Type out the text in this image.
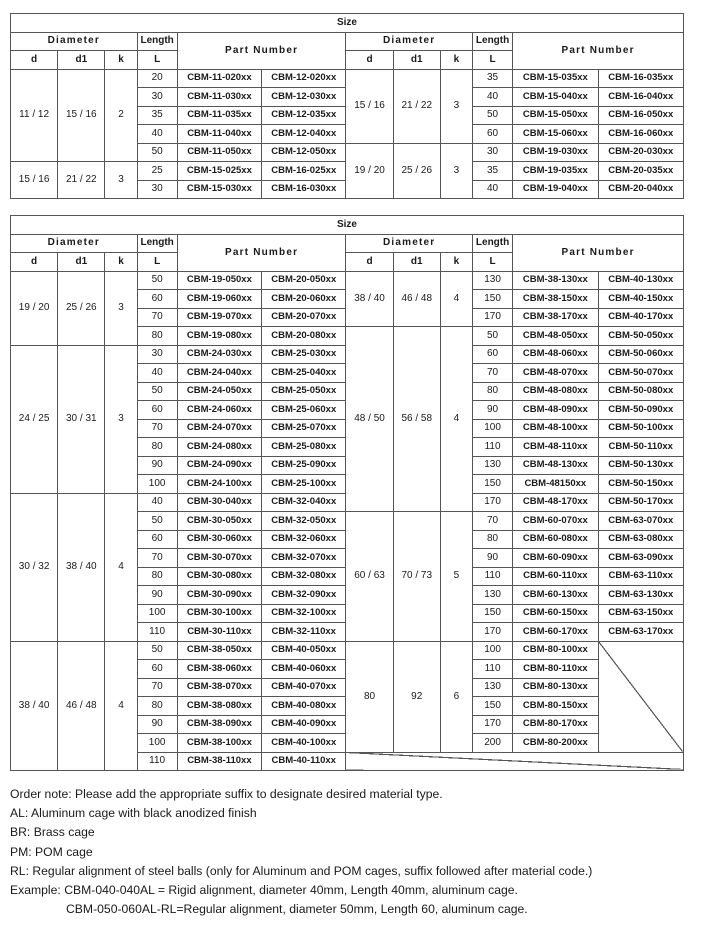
Size											
Diameter			Length	Part Number		Diameter			Length	Part Number	
d	d1	k	L			d	d1	k	L		
11 / 12	15 / 16	2	20	CBM-11-020xx	CBM-12-020xx	15 / 16	21 / 22	3	35	CBM-15-035xx	CBM-16-035xx
			30	CBM-11-030xx	CBM-12-030xx				40	CBM-15-040xx	CBM-16-040xx
			35	CBM-11-035xx	CBM-12-035xx				50	CBM-15-050xx	CBM-16-050xx
			40	CBM-11-040xx	CBM-12-040xx				60	CBM-15-060xx	CBM-16-060xx
			50	CBM-11-050xx	CBM-12-050xx	19 / 20	25 / 26	3	30	CBM-19-030xx	CBM-20-030xx
15 / 16	21 / 22	3	25	CBM-15-025xx	CBM-16-025xx				35	CBM-19-035xx	CBM-20-035xx
			30	CBM-15-030xx	CBM-16-030xx				40	CBM-19-040xx	CBM-20-040xx
Size											
Diameter			Length	Part Number		Diameter			Length	Part Number	
d	d1	k	L			d	d1	k	L		
19 / 20	25 / 26	3	50	CBM-19-050xx	CBM-20-050xx	38 / 40	46 / 48	4	130	CBM-38-130xx	CBM-40-130xx
			60	CBM-19-060xx	CBM-20-060xx				150	CBM-38-150xx	CBM-40-150xx
			70	CBM-19-070xx	CBM-20-070xx				170	CBM-38-170xx	CBM-40-170xx
			80	CBM-19-080xx	CBM-20-080xx	48 / 50	56 / 58	4	50	CBM-48-050xx	CBM-50-050xx
24 / 25	30 / 31	3	30	CBM-24-030xx	CBM-25-030xx				60	CBM-48-060xx	CBM-50-060xx
			40	CBM-24-040xx	CBM-25-040xx				70	CBM-48-070xx	CBM-50-070xx
			50	CBM-24-050xx	CBM-25-050xx				80	CBM-48-080xx	CBM-50-080xx
			60	CBM-24-060xx	CBM-25-060xx				90	CBM-48-090xx	CBM-50-090xx
			70	CBM-24-070xx	CBM-25-070xx				100	CBM-48-100xx	CBM-50-100xx
			80	CBM-24-080xx	CBM-25-080xx				110	CBM-48-110xx	CBM-50-110xx
			90	CBM-24-090xx	CBM-25-090xx				130	CBM-48-130xx	CBM-50-130xx
			100	CBM-24-100xx	CBM-25-100xx				150	CBM-48150xx	CBM-50-150xx
30 / 32	38 / 40	4	40	CBM-30-040xx	CBM-32-040xx				170	CBM-48-170xx	CBM-50-170xx
			50	CBM-30-050xx	CBM-32-050xx	60 / 63	70 / 73	5	70	CBM-60-070xx	CBM-63-070xx
			60	CBM-30-060xx	CBM-32-060xx				80	CBM-60-080xx	CBM-63-080xx
			70	CBM-30-070xx	CBM-32-070xx				90	CBM-60-090xx	CBM-63-090xx
			80	CBM-30-080xx	CBM-32-080xx				110	CBM-60-110xx	CBM-63-110xx
			90	CBM-30-090xx	CBM-32-090xx				130	CBM-60-130xx	CBM-63-130xx
			100	CBM-30-100xx	CBM-32-100xx				150	CBM-60-150xx	CBM-63-150xx
			110	CBM-30-110xx	CBM-32-110xx				170	CBM-60-170xx	CBM-63-170xx
38 / 40	46 / 48	4	50	CBM-38-050xx	CBM-40-050xx	80	92	6	100	CBM-80-100xx	
			60	CBM-38-060xx	CBM-40-060xx				110	CBM-80-110xx	
			70	CBM-38-070xx	CBM-40-070xx				130	CBM-80-130xx	
			80	CBM-38-080xx	CBM-40-080xx				150	CBM-80-150xx	
			90	CBM-38-090xx	CBM-40-090xx				170	CBM-80-170xx	
			100	CBM-38-100xx	CBM-40-100xx				200	CBM-80-200xx	
			110	CBM-38-110xx	CBM-40-110xx						

Order note: Please add the appropriate suffix to designate desired material type.

AL: Aluminum cage with black anodized finish

BR: Brass cage

PM: POM cage

RL: Regular alignment of steel balls (only for Aluminum and POM cages, suffix followed after material code.)

Example: CBM-040-040AL = Rigid alignment, diameter 40mm, Length 40mm, aluminum cage.

CBM-050-060AL-RL=Regular alignment, diameter 50mm, Length 60, aluminum cage.
